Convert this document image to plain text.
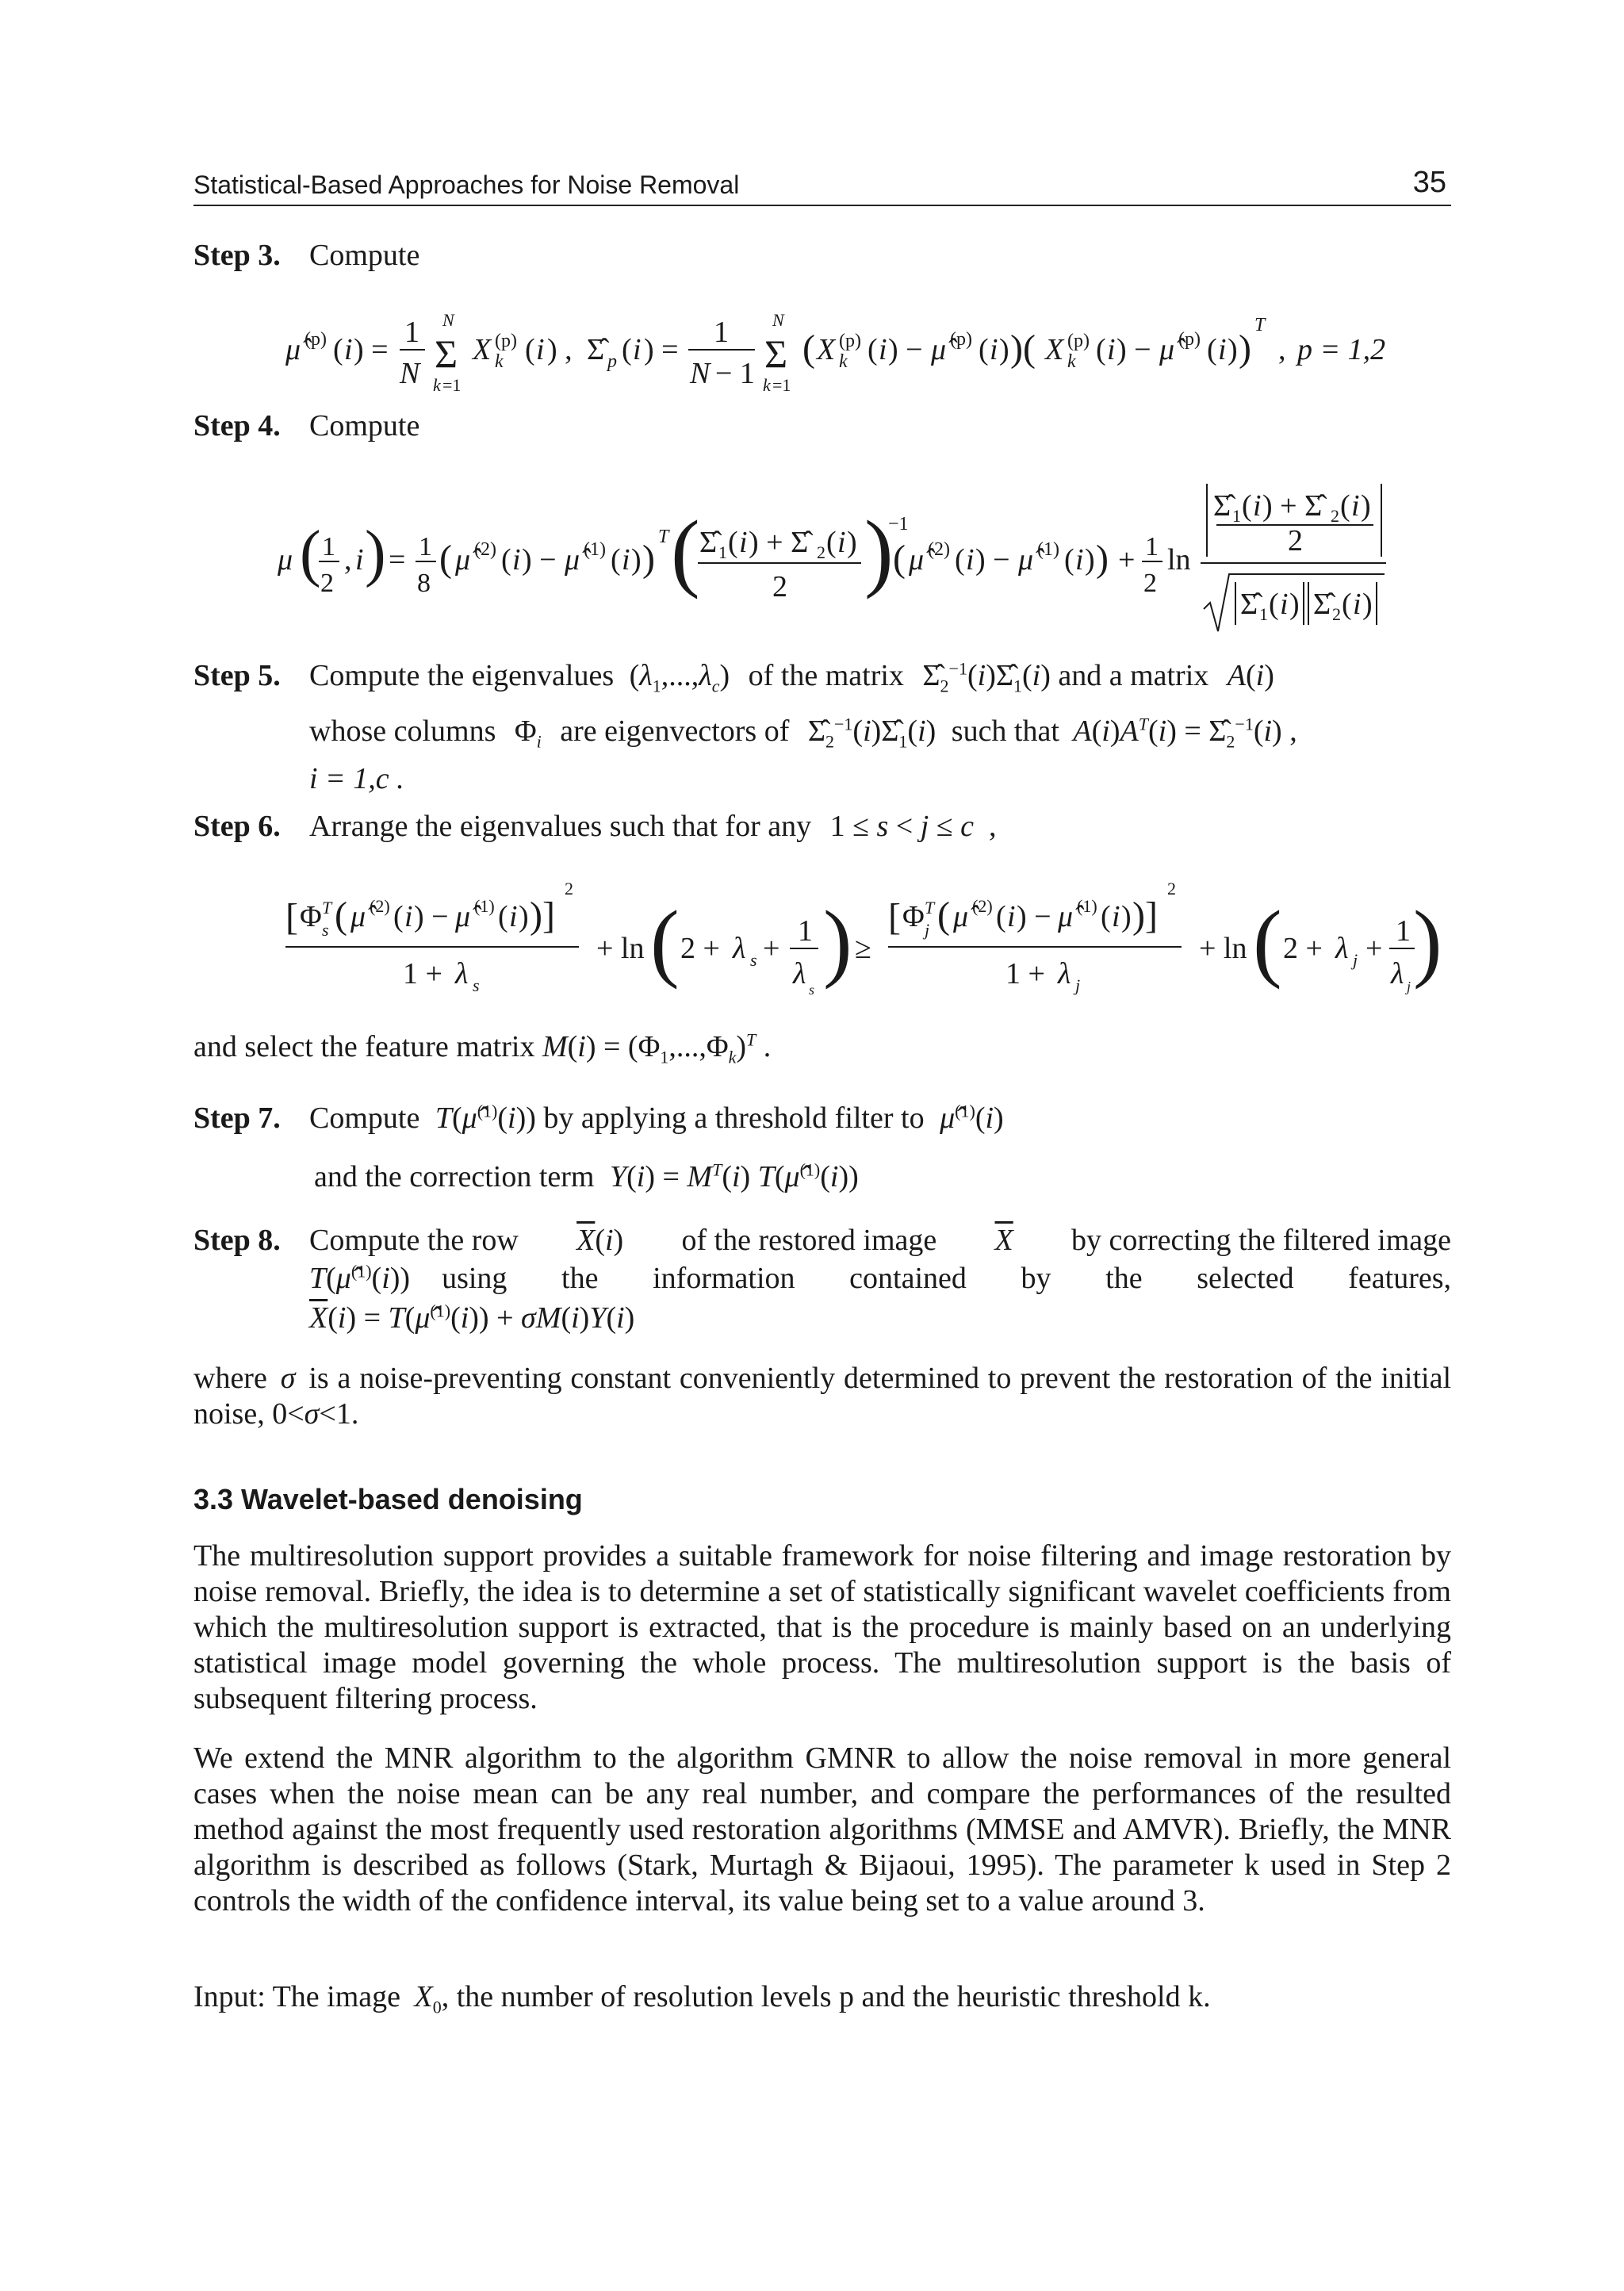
Statistical-Based Approaches for Noise Removal	35
Step 3. Compute
μ̂ (p) ( i ) =
1
N
N
Σ
k =1
X (p)
k ( i ) , Σ̂ p ( i ) =
1
N − 1
N
Σ
k =1
( X (p)
k ( i ) − μ̂ (p) ( i ) )( X (p)
k ( i ) − μ̂ (p) ( i ) )
T
, p = 1,2
Step 4. Compute
μ ( 1
2
, i ) = 1
8
( μ̂ (2) ( i ) − μ̂ (1) ( i ) )
T ( Σ̂ 1 ( i ) + Σ̂ 2 ( i )
2 )
−1
( μ̂ (2) ( i ) − μ̂ (1) ( i ) ) + 1
2
ln
Σ̂ 1 ( i ) + Σ̂ 2 ( i )
2
Σ̂ 1 ( i ) Σ̂ 2 ( i )
Step 5. Compute the eigenvalues $(\lambda_1,...,\lambda_c)$ of the matrix $\Sigmâ_2^{-1}(i)\Sigmâ_1(i)$ and a matrix A(i)
whose columns $\Phi_i$ are eigenvectors of $\Sigmâ_2^{-1}(i)\Sigmâ_1(i)$ such that $A(i)A^T(i)$ = $\Sigmâ_2^{-1}(i)$ ,
i = 1,c .
Step 6. Arrange the eigenvalues such that for any 1 ≤ s < j ≤ c  ,
[ Φ T
s ( μ̂ (2) ( i ) − μ̂ (1) ( i ) )]
2
1 + λ s
+ ln ( 2 + λ s +
1
λ s ) ≥
[ Φ T
j ( μ̂ (2) ( i ) − μ̂ (1) ( i ) )]
2
1 + λ j
+ ln ( 2 + λ j +
1
λ j )
and select the feature matrix $M(i) = (\Phi_1,...,\Phi_k)^T$ .
Step 7. Compute T(μ̂$^{(1)}$(i)) by applying a threshold filter to μ̂$^{(1)}$(i)
and the correction term $Y(i) = M^T(i)$ T(μ̂$^{(1)}$(i))
Step 8. Compute the row $\overline{X}(i)$ of the restored image $\overline{X}$ by correcting the filtered image
T(μ̂$^{(1)}$(i)) using the information contained by the selected features,
$\overline{X}(i)$ = T(μ̂$^{(1)}$(i)) + σM(i)Y(i)
where σ is a noise-preventing constant conveniently determined to prevent the restoration of the initial noise, 0<σ<1.
3.3 Wavelet-based denoising
The multiresolution support provides a suitable framework for noise filtering and image restoration by noise removal. Briefly, the idea is to determine a set of statistically significant wavelet coefficients from which the multiresolution support is extracted, that is the procedure is mainly based on an underlying statistical image model governing the whole process. The multiresolution support is the basis of subsequent filtering process.
We extend the MNR algorithm to the algorithm GMNR to allow the noise removal in more general cases when the noise mean can be any real number, and compare the performances of the resulted method against the most frequently used restoration algorithms (MMSE and AMVR). Briefly, the MNR algorithm is described as follows (Stark, Murtagh & Bijaoui, 1995). The parameter k used in Step 2 controls the width of the confidence interval, its value being set to a value around 3.
Input: The image $X_0$, the number of resolution levels p and the heuristic threshold k.
